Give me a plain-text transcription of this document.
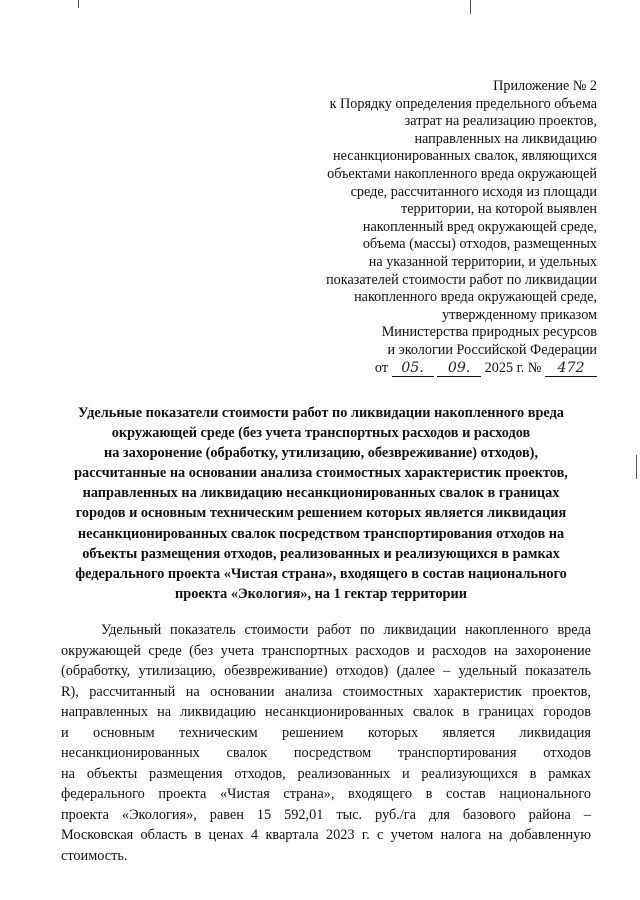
Приложение № 2
к Порядку определения предельного объема
затрат на реализацию проектов,
направленных на ликвидацию
несанкционированных свалок, являющихся
объектами накопленного вреда окружающей
среде, рассчитанного исходя из площади
территории, на которой выявлен
накопленный вред окружающей среде,
объема (массы) отходов, размещенных
на указанной территории, и удельных
показателей стоимости работ по ликвидации
накопленного вреда окружающей среде,
утвержденному приказом
Министерства природных ресурсов
и экологии Российской Федерации
от 05. 09. 2025 г. № 472
Удельные показатели стоимости работ по ликвидации накопленного вреда
окружающей среде (без учета транспортных расходов и расходов
на захоронение (обработку, утилизацию, обезвреживание) отходов),
рассчитанные на основании анализа стоимостных характеристик проектов,
направленных на ликвидацию несанкционированных свалок в границах
городов и основным техническим решением которых является ликвидация
несанкционированных свалок посредством транспортирования отходов на
объекты размещения отходов, реализованных и реализующихся в рамках
федерального проекта «Чистая страна», входящего в состав национального
проекта «Экология», на 1 гектар территории
Удельный показатель стоимости работ по ликвидации накопленного вреда
окружающей среде (без учета транспортных расходов и расходов на захоронение
(обработку, утилизацию, обезвреживание) отходов) (далее – удельный показатель
R), рассчитанный на основании анализа стоимостных характеристик проектов,
направленных на ликвидацию несанкционированных свалок в границах городов
и основным техническим решением которых является ликвидация
несанкционированных свалок посредством транспортирования отходов
на объекты размещения отходов, реализованных и реализующихся в рамках
федерального проекта «Чистая страна», входящего в состав национального
проекта «Экология», равен 15 592,01 тыс. руб./га для базового района –
Московская область в ценах 4 квартала 2023 г. с учетом налога на добавленную
стоимость.
